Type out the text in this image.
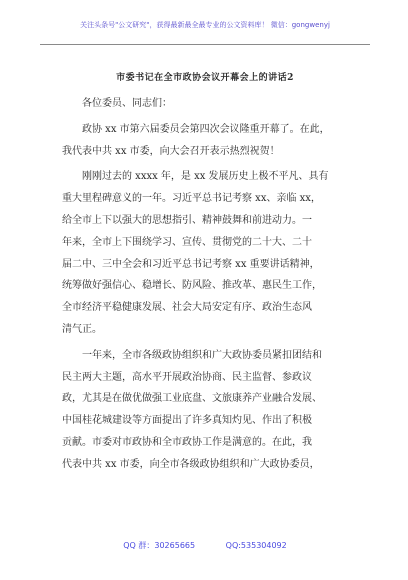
关注头条号"公文研究"，获得最新最全最专业的公文资料库！ 微信：gongwenyj
市委书记在全市政协会议开幕会上的讲话2
各位委员、同志们：
政协 xx 市第六届委员会第四次会议隆重开幕了。在此，
我代表中共 xx 市委，向大会召开表示热烈祝贺！
刚刚过去的 xxxx 年，是 xx 发展历史上极不平凡、具有
重大里程碑意义的一年。习近平总书记考察 xx、亲临 xx，
给全市上下以强大的思想指引、精神鼓舞和前进动力。一
年来，全市上下围绕学习、宣传、贯彻党的二十大、二十
届二中、三中全会和习近平总书记考察 xx 重要讲话精神，
统筹做好强信心、稳增长、防风险、推改革、惠民生工作，
全市经济平稳健康发展、社会大局安定有序、政治生态风
清气正。
一年来，全市各级政协组织和广大政协委员紧扣团结和
民主两大主题，高水平开展政治协商、民主监督、参政议
政，尤其是在做优做强工业底盘、文旅康养产业融合发展、
中国桂花城建设等方面提出了许多真知灼见、作出了积极
贡献。市委对市政协和全市政协工作是满意的。在此，我
代表中共 xx 市委，向全市各级政协组织和广大政协委员，
QQ 群：30265665	QQ:535304092
